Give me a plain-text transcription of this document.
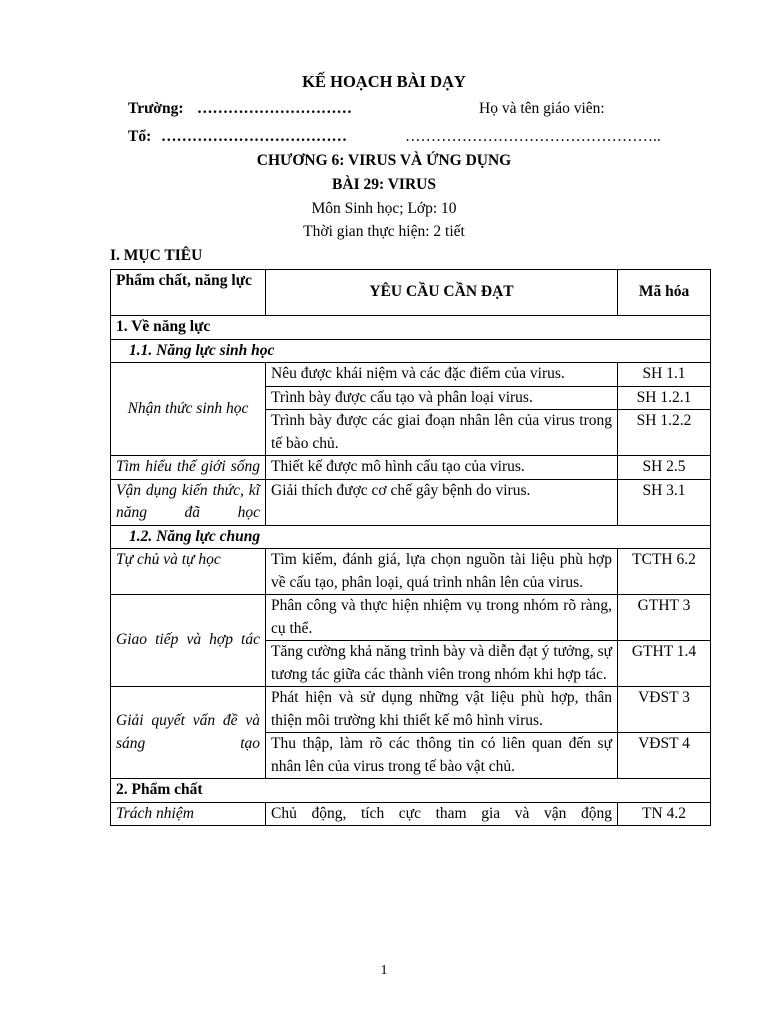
KẾ HOẠCH BÀI DẠY
Trường: …………………………	Họ và tên giáo viên:
Tổ: ………………………………	…………………………………………..
CHƯƠNG 6: VIRUS VÀ ỨNG DỤNG
BÀI 29: VIRUS
Môn Sinh học; Lớp: 10
Thời gian thực hiện: 2 tiết
I. MỤC TIÊU
Phẩm chất, năng lực	YÊU CẦU CẦN ĐẠT	Mã hóa
1. Về năng lực		
1.1. Năng lực sinh học		
Nhận thức sinh học	Nêu được khái niệm và các đặc điểm của virus.	SH 1.1
	Trình bày được cấu tạo và phân loại virus.	SH 1.2.1
	Trình bày được các giai đoạn nhân lên của virus trong tế bào chủ.	SH 1.2.2
Tìm hiểu thế giới sống	Thiết kế được mô hình cấu tạo của virus.	SH 2.5
Vận dụng kiến thức, kĩ năng đã học	Giải thích được cơ chế gây bệnh do virus.	SH 3.1
1.2. Năng lực chung		
Tự chủ và tự học	Tìm kiếm, đánh giá, lựa chọn nguồn tài liệu phù hợp về cấu tạo, phân loại, quá trình nhân lên của virus.	TCTH 6.2
Giao tiếp và hợp tác	Phân công và thực hiện nhiệm vụ trong nhóm rõ ràng, cụ thể.	GTHT 3
	Tăng cường khả năng trình bày và diễn đạt ý tưởng, sự tương tác giữa các thành viên trong nhóm khi hợp tác.	GTHT 1.4
Giải quyết vấn đề và sáng tạo	Phát hiện và sử dụng những vật liệu phù hợp, thân thiện môi trường khi thiết kế mô hình virus.	VĐST 3
	Thu thập, làm rõ các thông tin có liên quan đến sự nhân lên của virus trong tế bào vật chủ.	VĐST 4
2. Phẩm chất		
Trách nhiệm	Chủ động, tích cực tham gia và vận động	TN 4.2
1
